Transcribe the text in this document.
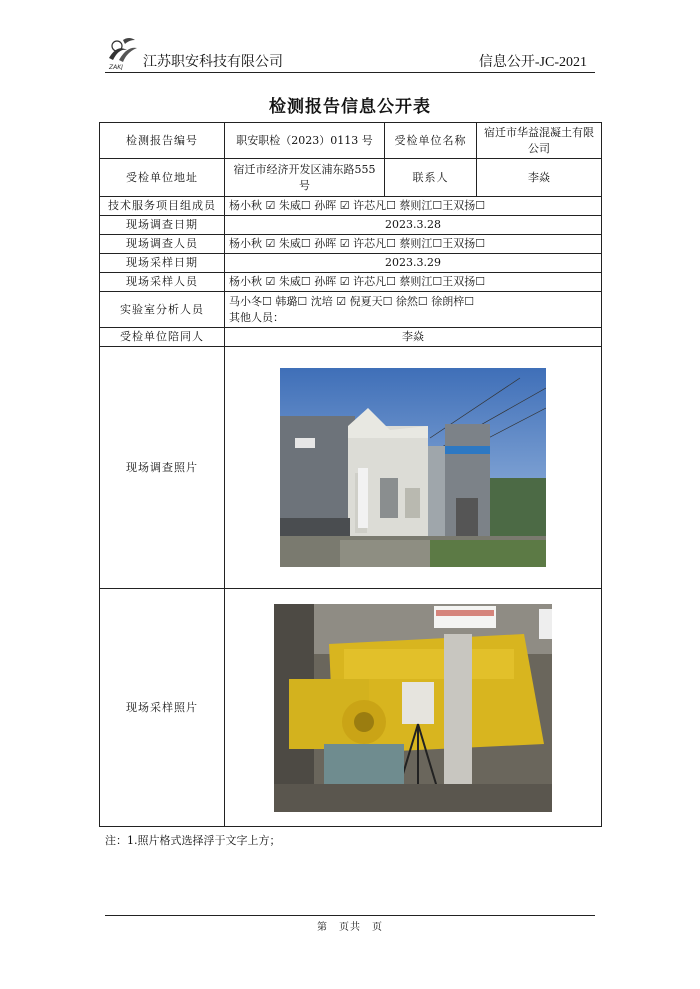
ZAKJ 江苏职安科技有限公司	信息公开-JC-2021
检测报告信息公开表
检测报告编号	职安职检（2023）0113 号	受检单位名称	宿迁市华益混凝土有限公司
受检单位地址	宿迁市经济开发区浦东路555 号	联系人	李焱
技术服务项目组成员	杨小秋 ☑ 朱威☐ 孙晖 ☑ 许芯凡☐ 蔡则江☐王双扬☐		
现场调查日期	2023.3.28		
现场调查人员	杨小秋 ☑ 朱威☐ 孙晖 ☑ 许芯凡☐ 蔡则江☐王双扬☐		
现场采样日期	2023.3.29		
现场采样人员	杨小秋 ☑ 朱威☐ 孙晖 ☑ 许芯凡☐ 蔡则江☐王双扬☐		
实验室分析人员	马小冬☐ 韩璐☐ 沈培 ☑ 倪夏天☐ 徐然☐ 徐朗梓☐
其他人员：		

受检单位陪同人	李焱		
现场调查照片	

现场采样照片	
注：1.照片格式选择浮于文字上方；
第　页共　页
